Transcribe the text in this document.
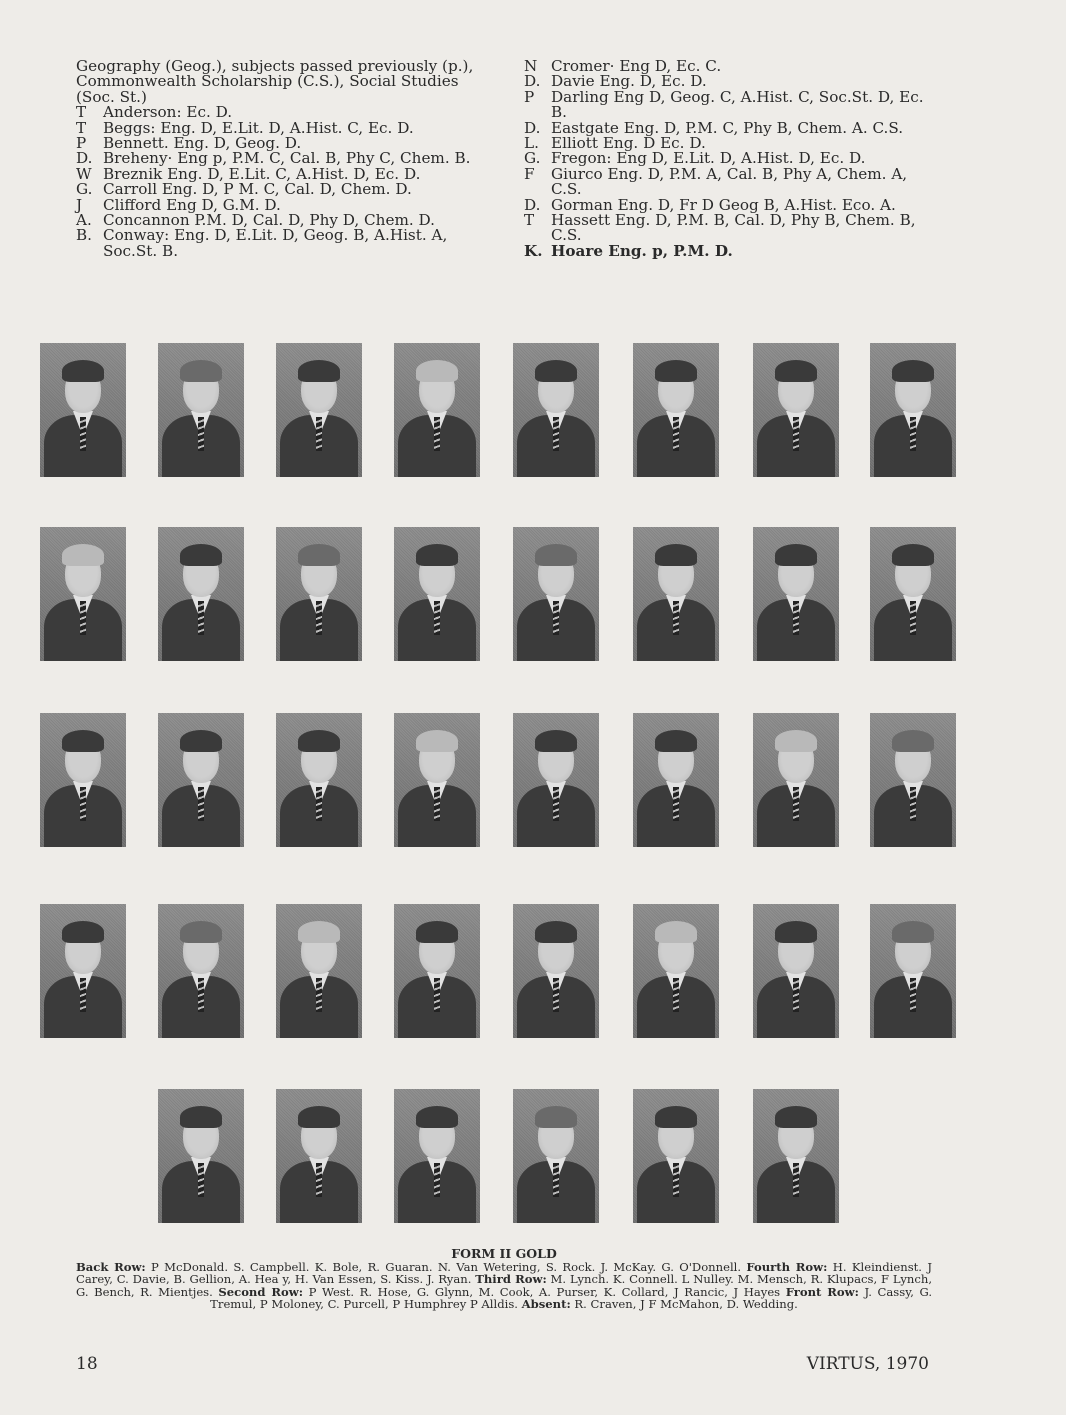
Geography (Geog.), subjects passed previously (p.), Commonwealth Scholarship (C.S.), Social Studies (Soc. St.)
T	Anderson: Ec. D.
T	Beggs: Eng. D, E.Lit. D, A.Hist. C, Ec. D.
P	Bennett. Eng. D, Geog. D.
D. Breheny· Eng p, P.M. C, Cal. B, Phy C, Chem. B.
W Breznik Eng. D, E.Lit. C, A.Hist. D, Ec. D.
G. Carroll Eng. D, P M. C, Cal. D, Chem. D.
J	Clifford Eng D, G.M. D.
A. Concannon P.M. D, Cal. D, Phy D, Chem. D.
B. Conway: Eng. D, E.Lit. D, Geog. B, A.Hist. A, Soc.St. B.
N Cromer· Eng D, Ec. C.
D. Davie Eng. D, Ec. D.
P	Darling Eng D, Geog. C, A.Hist. C, Soc.St. D, Ec. B.
D. Eastgate Eng. D, P.M. C, Phy B, Chem. A. C.S.
L. Elliott Eng. D Ec. D.
G. Fregon: Eng D, E.Lit. D, A.Hist. D, Ec. D.
F	Giurco Eng. D, P.M. A, Cal. B, Phy A, Chem. A, C.S.
D. Gorman Eng. D, Fr D Geog B, A.Hist. Eco. A.
T	Hassett Eng. D, P.M. B, Cal. D, Phy B, Chem. B, C.S.
K. Hoare Eng. p, P.M. D.
FORM II GOLD
Back Row: P McDonald. S. Campbell. K. Bole, R. Guaran. N. Van Wetering, S. Rock. J. McKay. G. O'Donnell. Fourth Row: H. Kleindienst. J Carey, C. Davie, B. Gellion, A. Hea y, H. Van Essen, S. Kiss. J. Ryan. Third Row: M. Lynch. K. Connell. L Nulley. M. Mensch, R. Klupacs, F Lynch, G. Bench, R. Mientjes. Second Row: P West. R. Hose, G. Glynn, M. Cook, A. Purser, K. Collard, J Rancic, J Hayes Front Row: J. Cassy, G. Tremul, P Moloney, C. Purcell, P Humphrey P Alldis. Absent: R. Craven, J F McMahon, D. Wedding.
18	VIRTUS, 1970
